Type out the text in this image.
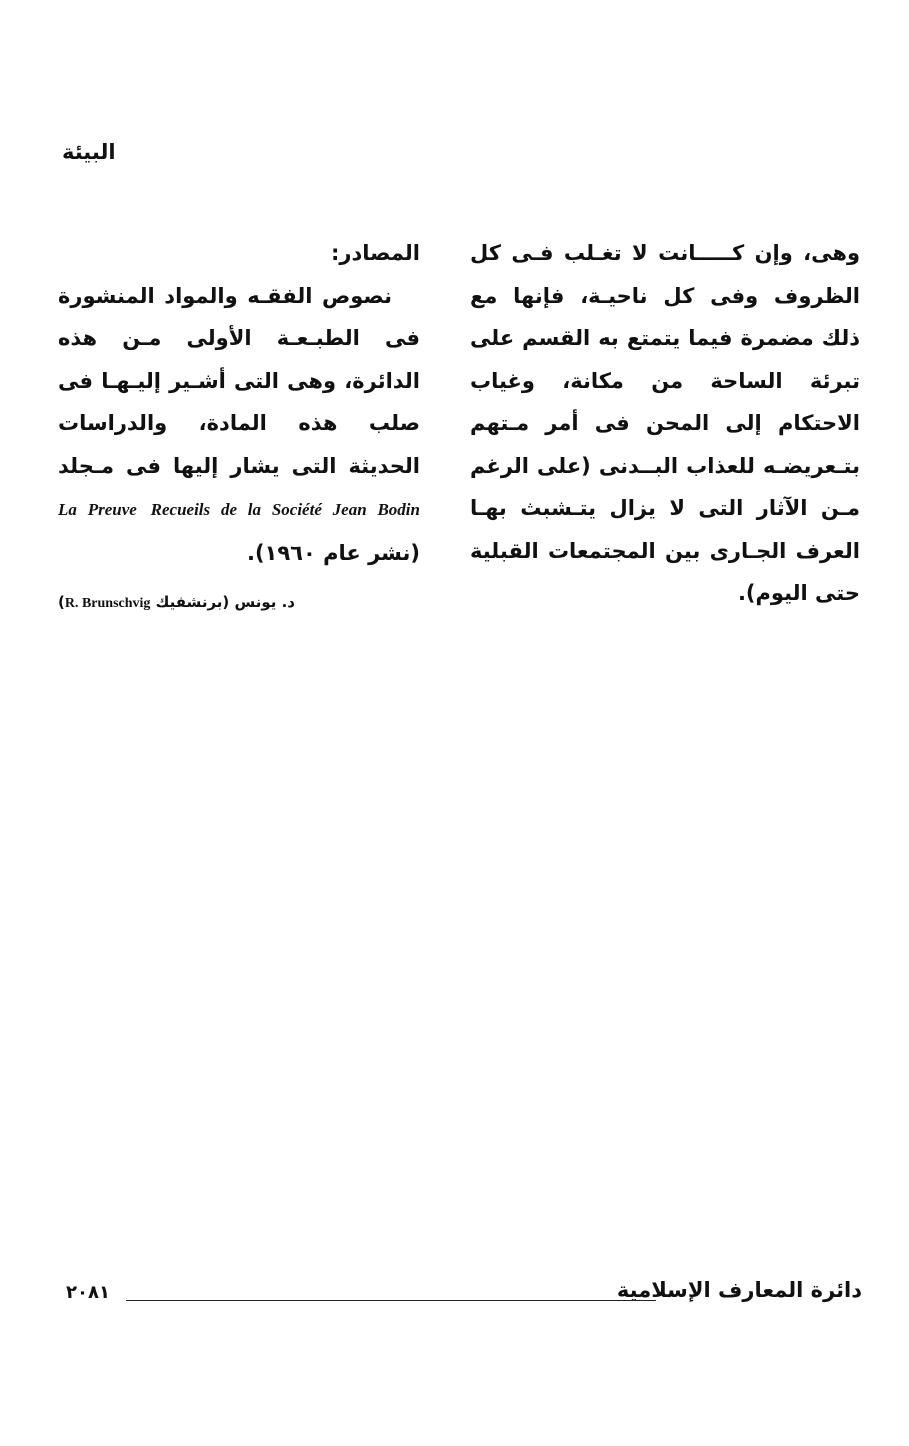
البيئة
وهى، وإن كـــــانت لا تغـلب فـى كل الظروف وفى كل ناحيـة، فإنها مع ذلك مضمرة فيما يتمتع به القسم على تبرئة الساحة من مكانة، وغياب الاحتكام إلى المحن فى أمر مـتهم بتـعريضـه للعذاب البــدنى (على الرغم مـن الآثار التى لا يزال يتـشبث بهـا العرف الجـارى بين المجتمعات القبلية حتى اليوم).
المصادر:
نصوص الفقـه والمواد المنشورة فى الطبـعـة الأولى مـن هذه الدائرة، وهى التى أشـير إليـهـا فى صلب هذه المادة، والدراسات الحديثة التى يشار إليها فى مـجلد Recueils de la Société Jean Bodin La Preuve (نشر عام ١٩٦٠).
د. يونس (برنشفيك R. Brunschvig)
دائرة المعارف الإسلامية
٢٠٨١
